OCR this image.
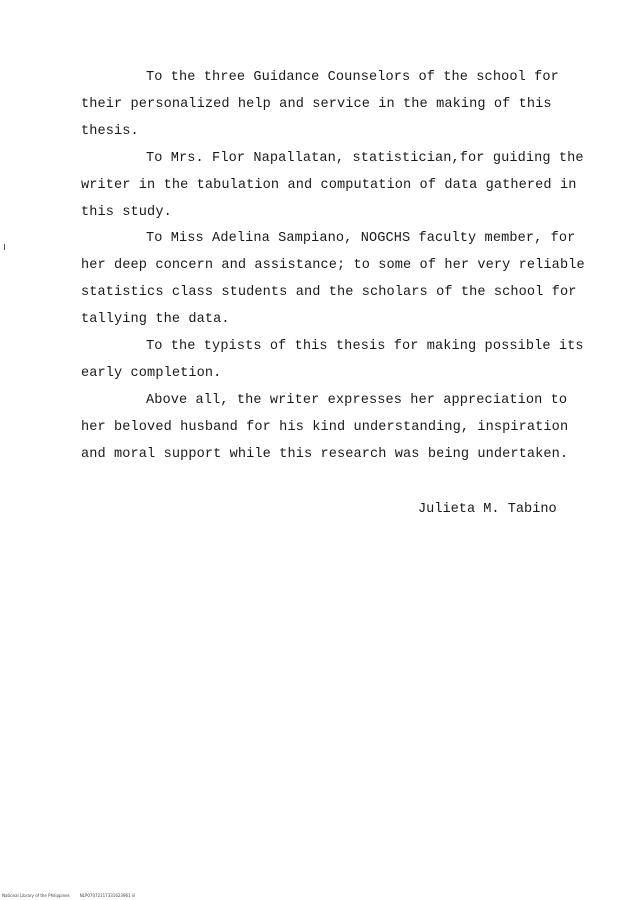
To the three Guidance Counselors of the school for
their personalized help and service in the making of this
thesis.
To Mrs. Flor Napallatan, statistician,for guiding the
writer in the tabulation and computation of data gathered in
this study.
To Miss Adelina Sampiano, NOGCHS faculty member, for
her deep concern and assistance; to some of her very reliable
statistics class students and the scholars of the school for
tallying the data.
To the typists of this thesis for making possible its
early completion.
Above all, the writer expresses her appreciation to
her beloved husband for his kind understanding, inspiration
and moral support while this research was being undertaken.
Julieta M. Tabino
National Library of the Philippines	NLP07072217331623961 iii
